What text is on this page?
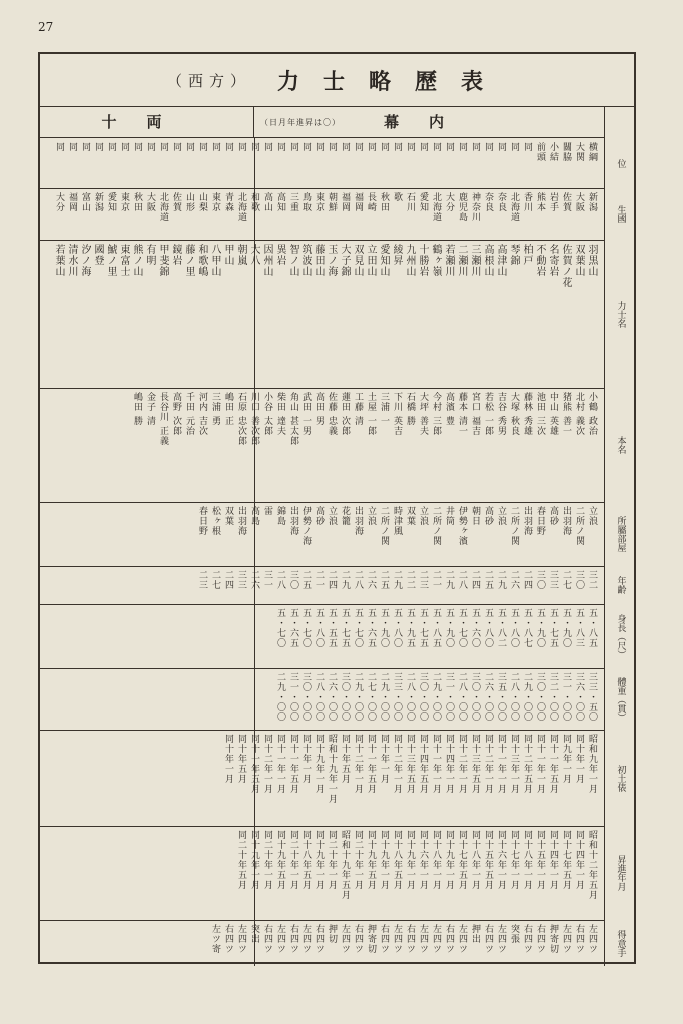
27
（西方） 力士略歷表
十両	（日月年進昇は〇）	幕内
位
生國
力士名
本名
所屬部屋
年齢
身長（尺）
體重（貫）
初土俵
昇進年月
得意手
横綱
大関
關脇
小結
前頭
同
同
同
同
同
同
同
同
同
同
同
同
同
同
同
同
同
同
同
同
同
同
同
同
同
同
同
同
同
同
同
同
同
同
同
同
同
新潟
大阪
佐賀
岩手
熊本
香川
北海道
奈良
奈良
神奈川
鹿児島
大分
北海道
愛知
石川
歌
秋田
長崎
福岡
福岡
朝鮮
東京
鳥取
三重
高知
高山
和歌
北海道
青森
東京
山梨
山形
佐賀
北海道
大阪
秋田
東京
愛知
新潟
富山
福岡
大分
羽黒山
双葉山
佐賀ノ花
名寄岩
不動岩
柏戸
琴錦
高津山
高根山
三瀬川
二瀬川
若瀬川
鶴ヶ嶺
十勝岩
九州山
綾昇
愛知山
立田山
双見山
大子錦
玉ノ海
藤田山
筑波山
智ノ山
異岩
因州山
大八
朝嵐
甲山
八甲山
和歌嶋
藤ノ里
鏡岩
甲斐錦
有明
熊ノ山
東富士
鯱ノ里
國登
汐ノ海
清水川
若葉山
小鶴 政治
北村 義次
猪熊 善一
中山 英雄
池田 三次
藤林 秀雄
大塚 秋良
吉谷 秀男
若松 一郎
宮口 福吉
藤本 清一
高濱 豊
今村 三郎
大坪 善夫
石橋 勝
下川 英吉
三浦 一
土屋 一郎
工藤 清
蓮田 次郎
佐藤 忠義
高田 男
武田 一男
角山 甚太郎
柴田 達夫
小谷 太郎
川口 善次郎
石原 忠次郎
嶋田 正
三浦 勇
河内 吉次
千田 元治
高野 次郎
長谷川 正義
金子 清
嶋田 勝
立浪
二所ノ関
出羽海
高砂
春日野
出羽海
二所ノ関
立浪
高砂
朝日
伊勢ヶ濱
井筒
二所ノ関
立浪
双葉
時津風
二所ノ関
立浪
出羽海
花籠
立浪
高砂
伊勢ノ海
出羽海
錦島
雷
高島
出羽海
双葉
松ヶ根
春日野
三二
三〇
二七
三三
三〇
二四
二六
二九
二五
二四
二八
二九
二一
二三
二二
二九
二五
二六
二八
二九
二四
二一
二五
三〇
二八
三一
二六
三三
二四
二七
二三
五・八五
五・八三
五・九〇
五・七五
五・九〇
五・八七
五・八〇
五・八二
五・八〇
五・六〇
五・七〇
五・九〇
五・八五
五・七五
五・九五
五・八〇
五・九〇
五・六五
五・七〇
五・七五
五・五五
五・八〇
五・七〇
五・六五
五・七〇
三三・五〇
三六・〇〇
三一・〇〇
三二・〇〇
三〇・〇〇
二九・〇〇
二八・〇〇
三五・〇〇
二六・〇〇
三〇・〇〇
二八・〇〇
三一・〇〇
二九・〇〇
三〇・〇〇
二八・〇〇
三三・〇〇
二九・〇〇
二七・〇〇
二九・〇〇
三〇・〇〇
二六・〇〇
二八・〇〇
三〇・〇〇
三一・〇〇
二九・〇〇
昭和九年一月
同十年一月
同九年一月
同十一年五月
同十一年一月
同十二年五月
同十三年一月
同十一年一月
同十二年一月
同十三年五月
同十二年一月
同十四年一月
同十一年一月
同十四年五月
同十三年五月
同十二年一月
同十年一月
同十一年五月
同十二年一月
同十年五月
昭和十九年一月
同十九年一月
同十年一月
同十一年五月
同十一年一月
同十二年一月
同十一年五月
同十年五月
同十年一月
昭和十二年五月
同十四年一月
同十七年五月
同十四年一月
同十五年一月
同十八年一月
同十七年一月
同十六年一月
同十五年五月
同十八年一月
同十七年五月
同十九年一月
同十八年一月
同十六年一月
同十九年一月
同十八年五月
同十九年一月
同十九年五月
同二十年一月
昭和十九年五月
同二十年一月
同十九年一月
同十八年五月
同二十年一月
同十九年五月
同二十年一月
同十九年一月
同二十年五月
左四ツ
右四ツ
左四ツ
押寄切
右四ツ
右四ツ
突張
左四ツ
右四ツ
押出
左四ツ
右四ツ
左四ツ
左四ツ
右四ツ
左四ツ
右四ツ
押寄切
右四ツ
左四ツ
押切
右四ツ
左四ツ
右四ツ
左四ツ
右四ツ
突出
左四ツ
右四ツ
左ツ寄
